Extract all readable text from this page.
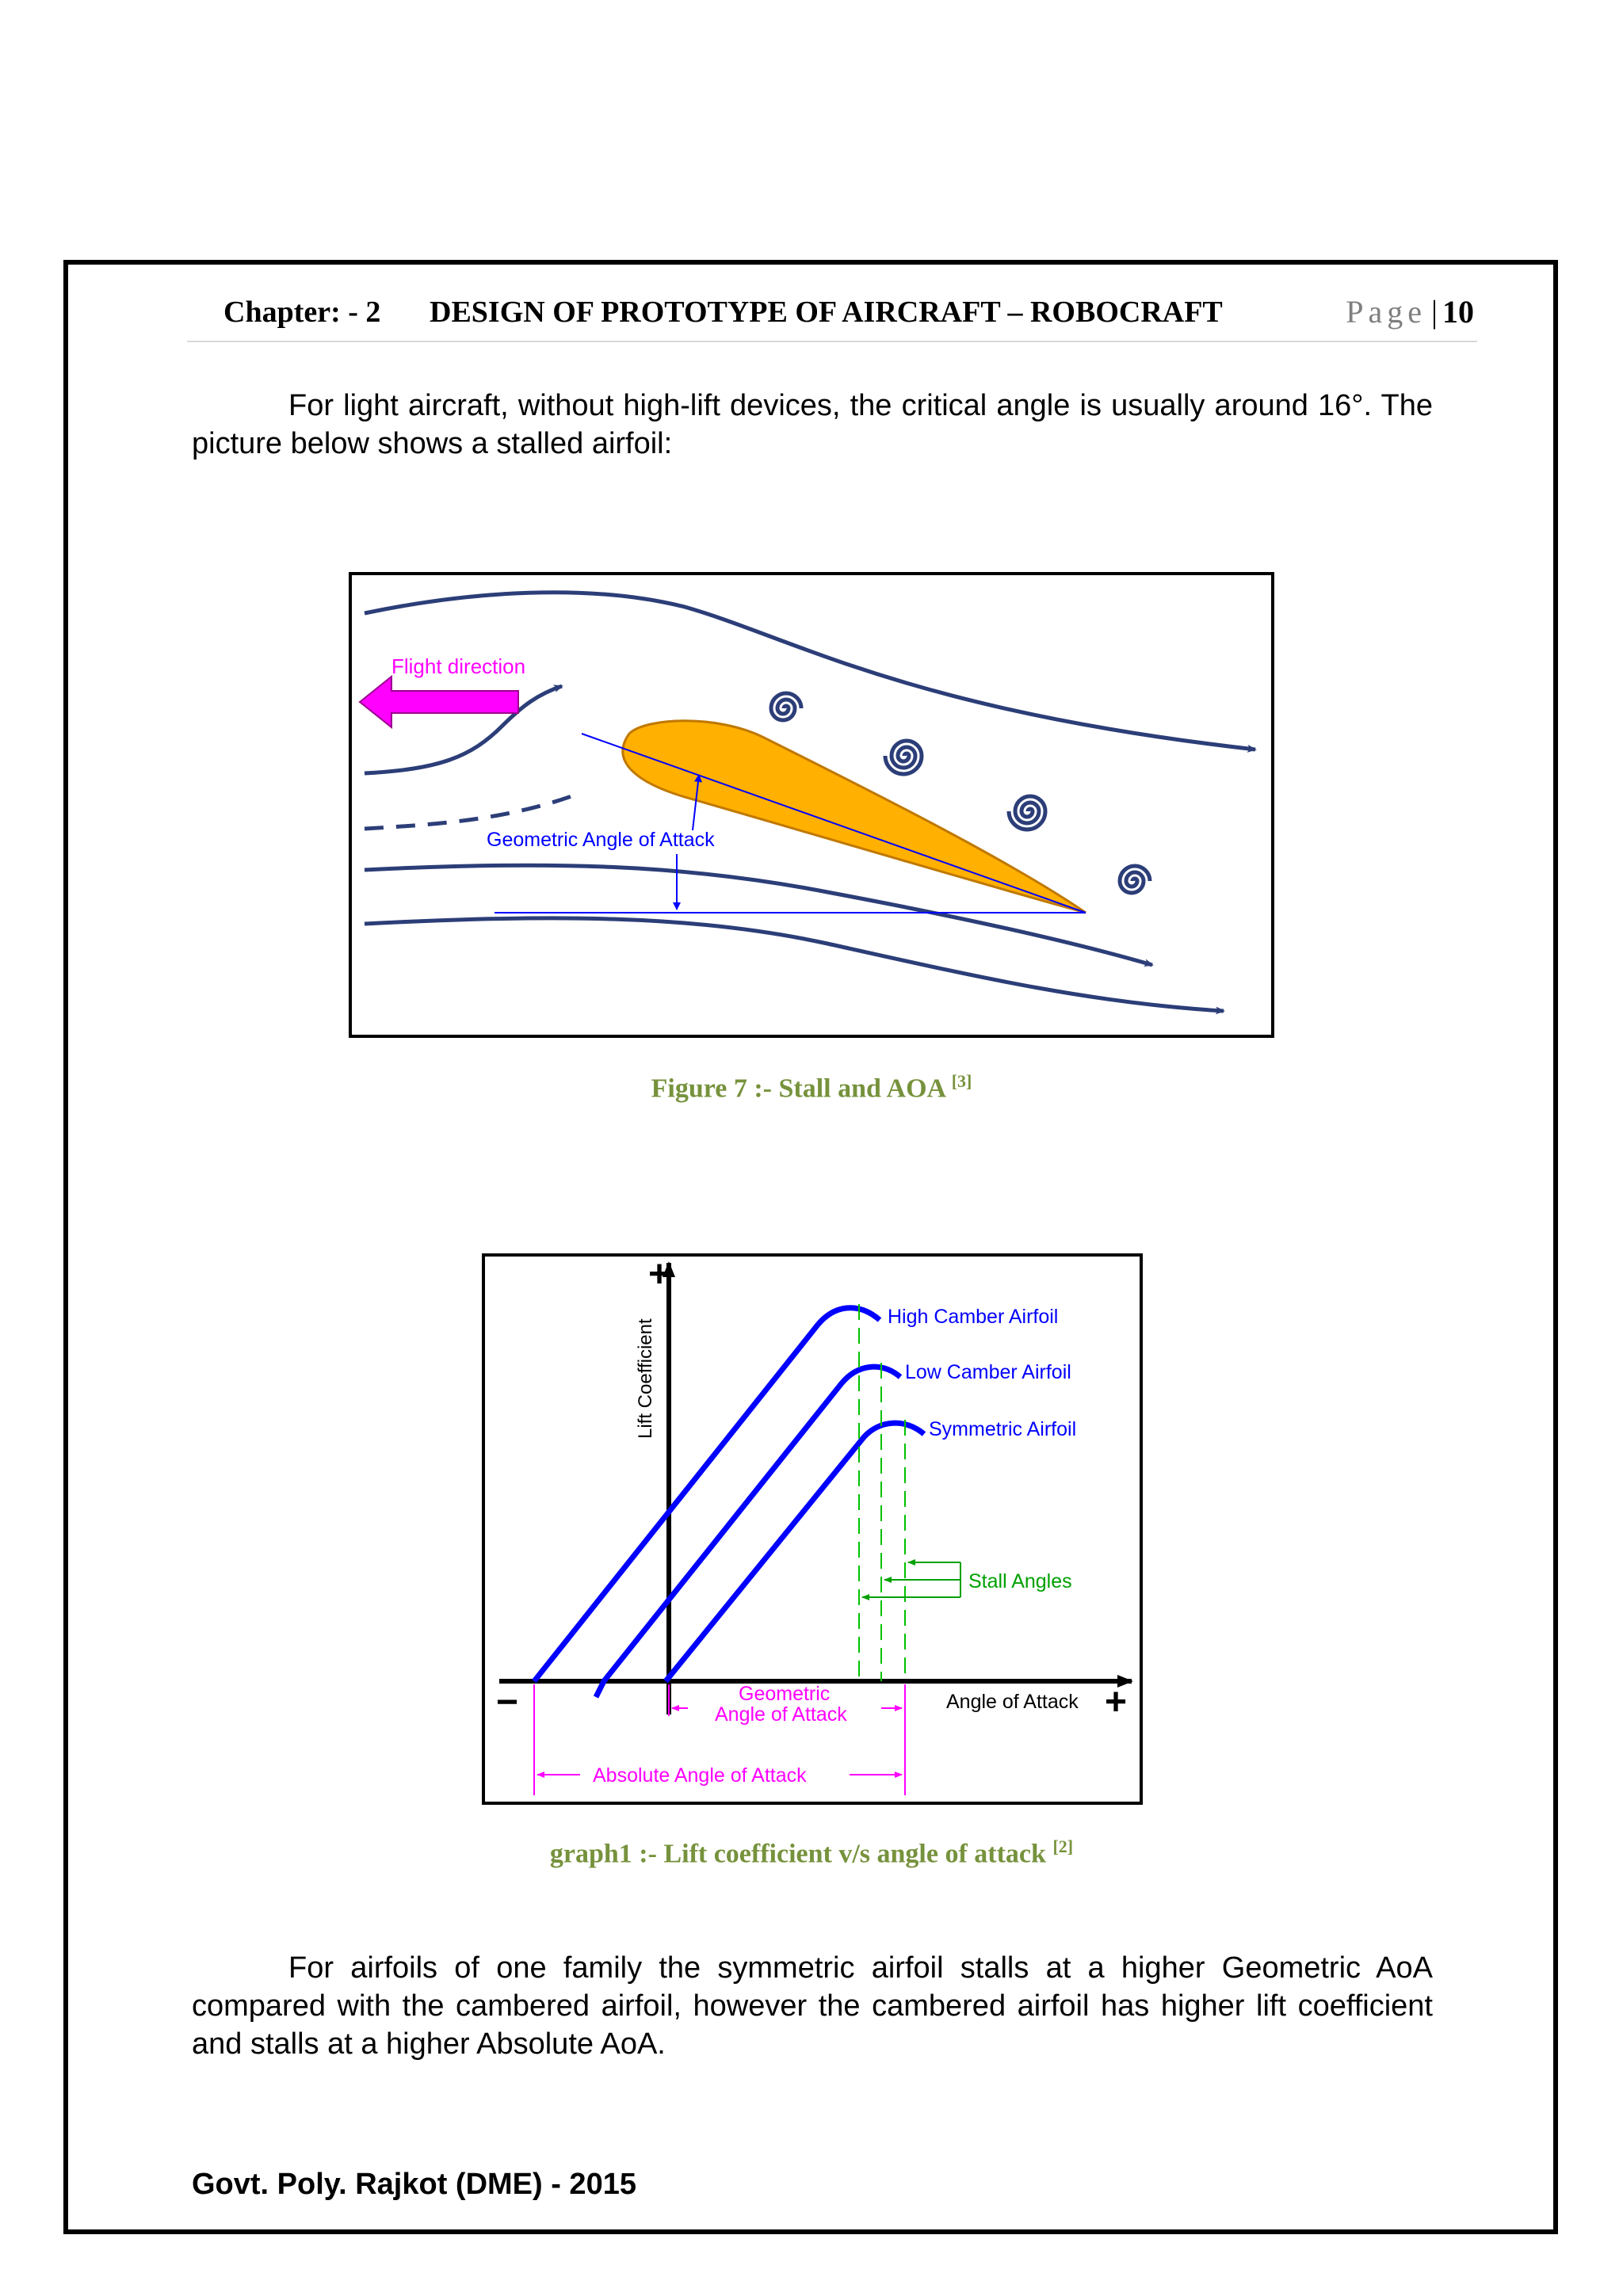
Chapter: - 2 DESIGN OF PROTOTYPE OF AIRCRAFT – ROBOCRAFT	Page | 10
For light aircraft, without high-lift devices, the critical angle is usually around 16°. The picture below shows a stalled airfoil:
Geometric Angle of Attack
Flight direction
Figure 7 :- Stall and AOA [3]
+
+
−
Lift Coefficient
Angle of Attack
High Camber Airfoil
Low Camber Airfoil
Symmetric Airfoil
Stall Angles
Geometric
Angle of Attack
Absolute Angle of Attack
graph1 :- Lift coefficient v/s angle of attack [2]
For airfoils of one family the symmetric airfoil stalls at a higher Geometric AoA compared with the cambered airfoil, however the cambered airfoil has higher lift coefficient and stalls at a higher Absolute AoA.
Govt. Poly. Rajkot (DME) - 2015
